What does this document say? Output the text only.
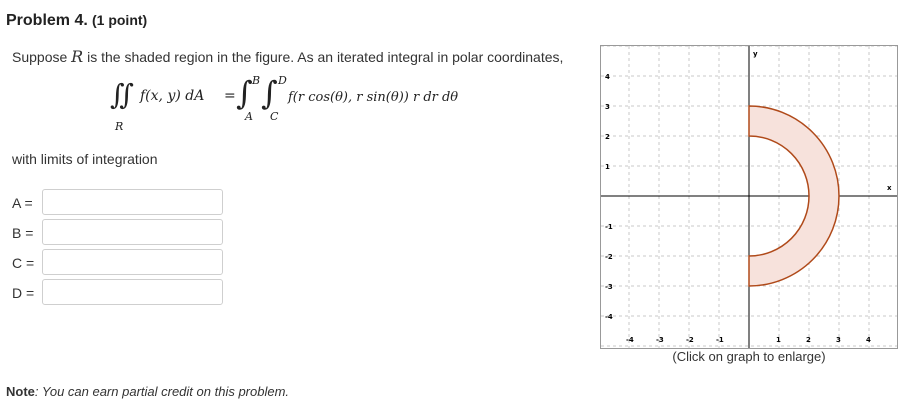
Problem 4. (1 point)
Suppose R is the shaded region in the figure. As an iterated integral in polar coordinates,
∬
R
f(x, y) dA = ∫ B
A
∫ D
C
f(r cos(θ), r sin(θ)) r dr dθ
with limits of integration
A =
B =
C =
D =
Note: You can earn partial credit on this problem.
-4	-3	-2	-1	1	2	3	4
4
3
2
1
-1
-2
-3
-4
x
y
(Click on graph to enlarge)
